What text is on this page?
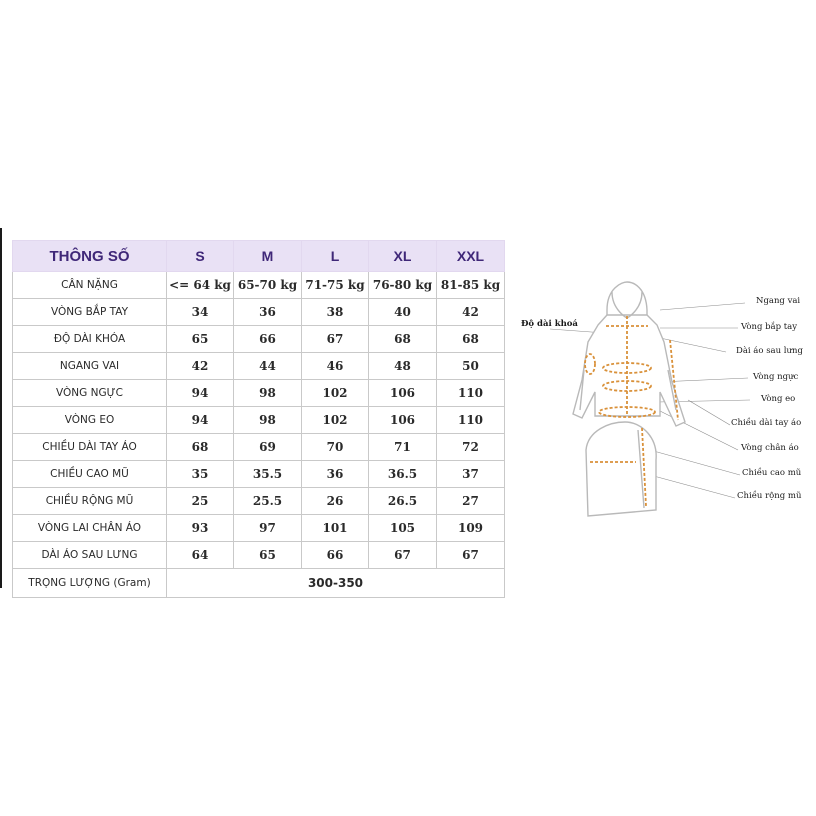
THÔNG SỐ	S	M	L	XL	XXL
CÂN NẶNG	<= 64 kg	65-70 kg	71-75 kg	76-80 kg	81-85 kg
VÒNG BẮP TAY	34	36	38	40	42
ĐỘ DÀI KHÓA	65	66	67	68	68
NGANG VAI	42	44	46	48	50
VÒNG NGỰC	94	98	102	106	110
VÒNG EO	94	98	102	106	110
CHIỀU DÀI TAY ÁO	68	69	70	71	72
CHIỀU CAO MŨ	35	35.5	36	36.5	37
CHIỀU RỘNG MŨ	25	25.5	26	26.5	27
VÒNG LAI CHÂN ÁO	93	97	101	105	109
DÀI ÁO SAU LƯNG	64	65	66	67	67
TRỌNG LƯỢNG (Gram)	300-350				
Độ dài khoá
Ngang vai
Vòng bắp tay
Dài áo sau lưng
Vòng ngực
Vòng eo
Chiều dài tay áo
Vòng chân áo
Chiều cao mũ
Chiều rộng mũ
